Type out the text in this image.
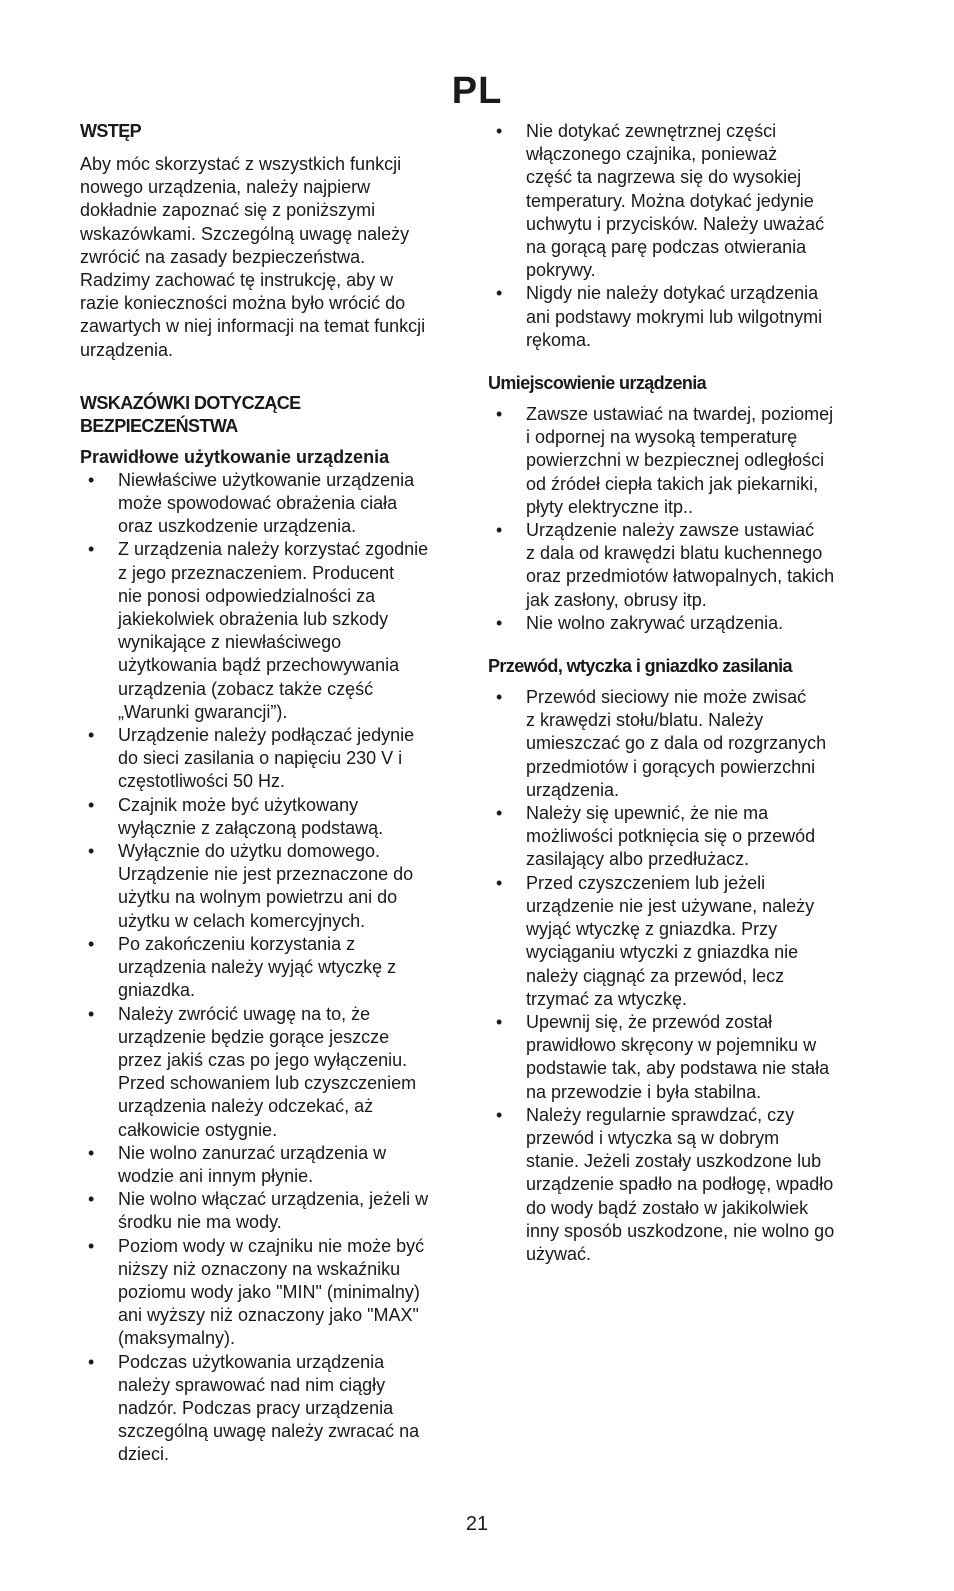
PL
WSTĘP
Aby móc skorzystać z wszystkich funkcji
nowego urządzenia, należy najpierw
dokładnie zapoznać się z poniższymi
wskazówkami. Szczególną uwagę należy
zwrócić na zasady bezpieczeństwa.
Radzimy zachować tę instrukcję, aby w
razie konieczności można było wrócić do
zawartych w niej informacji na temat funkcji
urządzenia.
WSKAZÓWKI DOTYCZĄCE
BEZPIECZEŃSTWA
Prawidłowe użytkowanie urządzenia
• Niewłaściwe użytkowanie urządzenia
może spowodować obrażenia ciała
oraz uszkodzenie urządzenia.
• Z urządzenia należy korzystać zgodnie
z jego przeznaczeniem. Producent
nie ponosi odpowiedzialności za
jakiekolwiek obrażenia lub szkody
wynikające z niewłaściwego
użytkowania bądź przechowywania
urządzenia (zobacz także część
„Warunki gwarancji”).
• Urządzenie należy podłączać jedynie
do sieci zasilania o napięciu 230 V i
częstotliwości 50 Hz.
• Czajnik może być użytkowany
wyłącznie z załączoną podstawą.
• Wyłącznie do użytku domowego.
Urządzenie nie jest przeznaczone do
użytku na wolnym powietrzu ani do
użytku w celach komercyjnych.
• Po zakończeniu korzystania z
urządzenia należy wyjąć wtyczkę z
gniazdka.
• Należy zwrócić uwagę na to, że
urządzenie będzie gorące jeszcze
przez jakiś czas po jego wyłączeniu.
Przed schowaniem lub czyszczeniem
urządzenia należy odczekać, aż
całkowicie ostygnie.
• Nie wolno zanurzać urządzenia w
wodzie ani innym płynie.
• Nie wolno włączać urządzenia, jeżeli w
środku nie ma wody.
• Poziom wody w czajniku nie może być
niższy niż oznaczony na wskaźniku
poziomu wody jako "MIN" (minimalny)
ani wyższy niż oznaczony jako "MAX"
(maksymalny).
• Podczas użytkowania urządzenia
należy sprawować nad nim ciągły
nadzór. Podczas pracy urządzenia
szczególną uwagę należy zwracać na
dzieci.
• Nie dotykać zewnętrznej części
włączonego czajnika, ponieważ
część ta nagrzewa się do wysokiej
temperatury. Można dotykać jedynie
uchwytu i przycisków. Należy uważać
na gorącą parę podczas otwierania
pokrywy.
• Nigdy nie należy dotykać urządzenia
ani podstawy mokrymi lub wilgotnymi
rękoma.
Umiejscowienie urządzenia
• Zawsze ustawiać na twardej, poziomej
i odpornej na wysoką temperaturę
powierzchni w bezpiecznej odległości
od źródeł ciepła takich jak piekarniki,
płyty elektryczne itp..
• Urządzenie należy zawsze ustawiać
z dala od krawędzi blatu kuchennego
oraz przedmiotów łatwopalnych, takich
jak zasłony, obrusy itp.
• Nie wolno zakrywać urządzenia.
Przewód, wtyczka i gniazdko zasilania
• Przewód sieciowy nie może zwisać
z krawędzi stołu/blatu. Należy
umieszczać go z dala od rozgrzanych
przedmiotów i gorących powierzchni
urządzenia.
• Należy się upewnić, że nie ma
możliwości potknięcia się o przewód
zasilający albo przedłużacz.
• Przed czyszczeniem lub jeżeli
urządzenie nie jest używane, należy
wyjąć wtyczkę z gniazdka. Przy
wyciąganiu wtyczki z gniazdka nie
należy ciągnąć za przewód, lecz
trzymać za wtyczkę.
• Upewnij się, że przewód został
prawidłowo skręcony w pojemniku w
podstawie tak, aby podstawa nie stała
na przewodzie i była stabilna.
• Należy regularnie sprawdzać, czy
przewód i wtyczka są w dobrym
stanie. Jeżeli zostały uszkodzone lub
urządzenie spadło na podłogę, wpadło
do wody bądź zostało w jakikolwiek
inny sposób uszkodzone, nie wolno go
używać.
21
